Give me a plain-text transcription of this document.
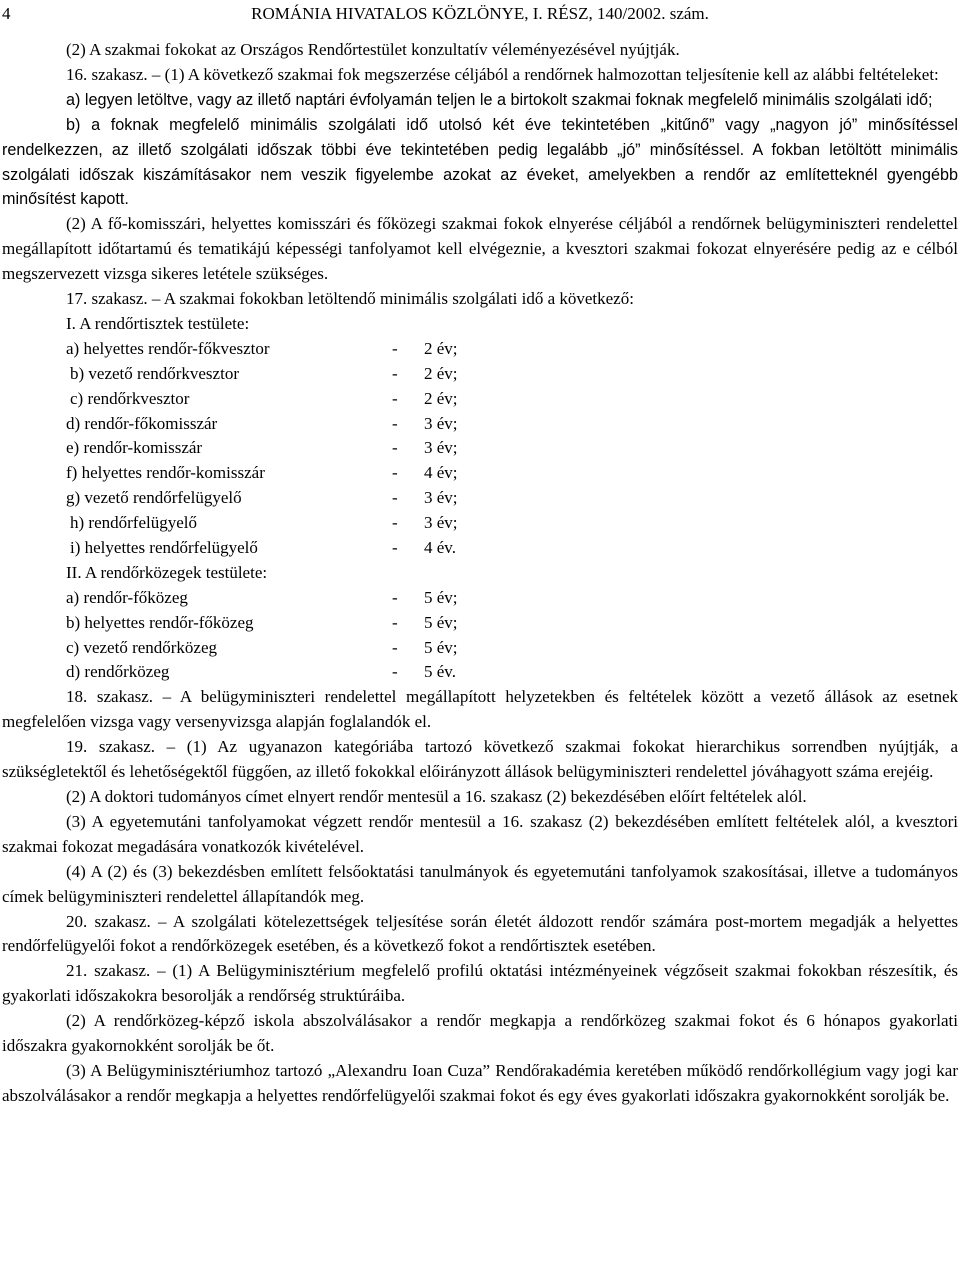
4	ROMÁNIA HIVATALOS KÖZLÖNYE, I. RÉSZ, 140/2002. szám.

(2) A szakmai fokokat az Országos Rendőrtestület konzultatív véleményezésével nyújtják.

16. szakasz. – (1) A következő szakmai fok megszerzése céljából a rendőrnek halmozottan teljesítenie kell az alábbi feltételeket:

a) legyen letöltve, vagy az illető naptári évfolyamán teljen le a birtokolt szakmai foknak megfelelő minimális szolgálati idő;

b) a foknak megfelelő minimális szolgálati idő utolsó két éve tekintetében „kitűnő” vagy „nagyon jó” minősítéssel rendelkezzen, az illető szolgálati időszak többi éve tekintetében pedig legalább „jó” minősítéssel. A fokban letöltött minimális szolgálati időszak kiszámításakor nem veszik figyelembe azokat az éveket, amelyekben a rendőr az említetteknél gyengébb minősítést kapott.

(2) A fő-komisszári, helyettes komisszári és főközegi szakmai fokok elnyerése céljából a rendőrnek belügyminiszteri rendelettel megállapított időtartamú és tematikájú képességi tanfolyamot kell elvégeznie, a kvesztori szakmai fokozat elnyerésére pedig az e célból megszervezett vizsga sikeres letétele szükséges.

17. szakasz. – A szakmai fokokban letöltendő minimális szolgálati idő a következő:

I. A rendőrtisztek testülete:

a) helyettes rendőr-főkvesztor	- 2 év;
b) vezető rendőrkvesztor	- 2 év;
c) rendőrkvesztor	- 2 év;
d) rendőr-főkomisszár	- 3 év;
e) rendőr-komisszár	- 3 év;
f) helyettes rendőr-komisszár	- 4 év;
g) vezető rendőrfelügyelő	- 3 év;
h) rendőrfelügyelő	- 3 év;
i) helyettes rendőrfelügyelő	- 4 év.

II. A rendőrközegek testülete:

a) rendőr-főközeg	- 5 év;
b) helyettes rendőr-főközeg	- 5 év;
c) vezető rendőrközeg	- 5 év;
d) rendőrközeg	- 5 év.

18. szakasz. – A belügyminiszteri rendelettel megállapított helyzetekben és feltételek között a vezető állások az esetnek megfelelően vizsga vagy versenyvizsga alapján foglalandók el.

19. szakasz. – (1) Az ugyanazon kategóriába tartozó következő szakmai fokokat hierarchikus sorrendben nyújtják, a szükségletektől és lehetőségektől függően, az illető fokokkal előirányzott állások belügyminiszteri rendelettel jóváhagyott száma erejéig.

(2) A doktori tudományos címet elnyert rendőr mentesül a 16. szakasz (2) bekezdésében előírt feltételek alól.

(3) A egyetemutáni tanfolyamokat végzett rendőr mentesül a 16. szakasz (2) bekezdésében említett feltételek alól, a kvesztori szakmai fokozat megadására vonatkozók kivételével.

(4) A (2) és (3) bekezdésben említett felsőoktatási tanulmányok és egyetemutáni tanfolyamok szakosításai, illetve a tudományos címek belügyminiszteri rendelettel állapítandók meg.

20. szakasz. – A szolgálati kötelezettségek teljesítése során életét áldozott rendőr számára post-mortem megadják a helyettes rendőrfelügyelői fokot a rendőrközegek esetében, és a következő fokot a rendőrtisztek esetében.

21. szakasz. – (1) A Belügyminisztérium megfelelő profilú oktatási intézményeinek végzőseit szakmai fokokban részesítik, és gyakorlati időszakokra besorolják a rendőrség struktúráiba.

(2) A rendőrközeg-képző iskola abszolválásakor a rendőr megkapja a rendőrközeg szakmai fokot és 6 hónapos gyakorlati időszakra gyakornokként sorolják be őt.

(3) A Belügyminisztériumhoz tartozó „Alexandru Ioan Cuza” Rendőrakadémia keretében működő rendőrkollégium vagy jogi kar abszolválásakor a rendőr megkapja a helyettes rendőrfelügyelői szakmai fokot és egy éves gyakorlati időszakra gyakornokként sorolják be.
